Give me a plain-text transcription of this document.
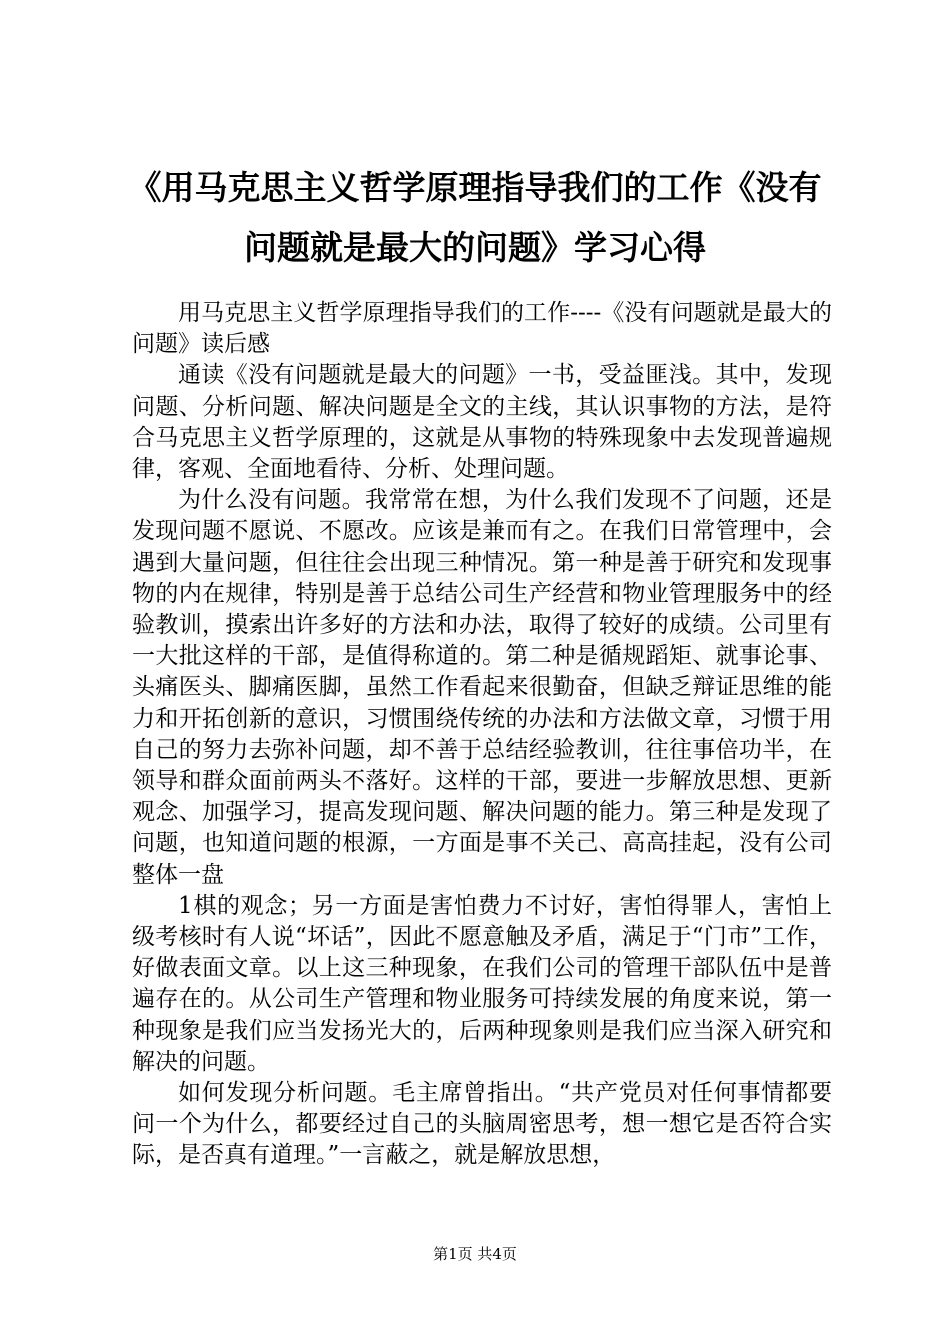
《用马克思主义哲学原理指导我们的工作《没有问题就是最大的问题》学习心得

用马克思主义哲学原理指导我们的工作----《没有问题就是最大的问题》读后感

通读《没有问题就是最大的问题》一书，受益匪浅。其中，发现问题、分析问题、解决问题是全文的主线，其认识事物的方法，是符合马克思主义哲学原理的，这就是从事物的特殊现象中去发现普遍规律，客观、全面地看待、分析、处理问题。

为什么没有问题。我常常在想，为什么我们发现不了问题，还是发现问题不愿说、不愿改。应该是兼而有之。在我们日常管理中，会遇到大量问题，但往往会出现三种情况。第一种是善于研究和发现事物的内在规律，特别是善于总结公司生产经营和物业管理服务中的经验教训，摸索出许多好的方法和办法，取得了较好的成绩。公司里有一大批这样的干部，是值得称道的。第二种是循规蹈矩、就事论事、头痛医头、脚痛医脚，虽然工作看起来很勤奋，但缺乏辩证思维的能力和开拓创新的意识，习惯围绕传统的办法和方法做文章，习惯于用自己的努力去弥补问题，却不善于总结经验教训，往往事倍功半，在领导和群众面前两头不落好。这样的干部，要进一步解放思想、更新观念、加强学习，提高发现问题、解决问题的能力。第三种是发现了问题，也知道问题的根源，一方面是事不关己、高高挂起，没有公司整体一盘

1棋的观念；另一方面是害怕费力不讨好，害怕得罪人，害怕上级考核时有人说“坏话”，因此不愿意触及矛盾，满足于“门市”工作，好做表面文章。以上这三种现象，在我们公司的管理干部队伍中是普遍存在的。从公司生产管理和物业服务可持续发展的角度来说，第一种现象是我们应当发扬光大的，后两种现象则是我们应当深入研究和解决的问题。

如何发现分析问题。毛主席曾指出。“共产党员对任何事情都要问一个为什么，都要经过自己的头脑周密思考，想一想它是否符合实际，是否真有道理。”一言蔽之，就是解放思想，

第1页 共4页
